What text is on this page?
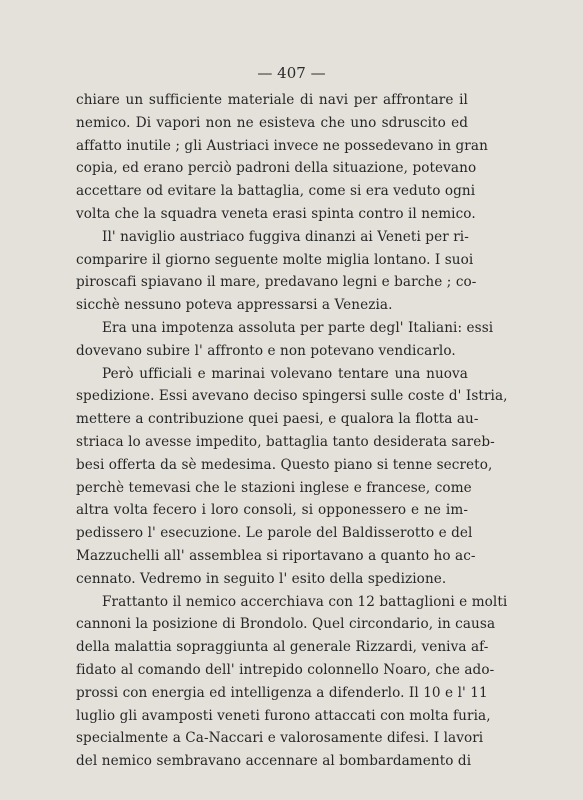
— 407 —
chiare un sufficiente materiale di navi per affrontare il
nemico. Di vapori non ne esisteva che uno sdruscito ed
affatto inutile ; gli Austriaci invece ne possedevano in gran
copia, ed erano perciò padroni della situazione, potevano
accettare od evitare la battaglia, come si era veduto ogni
volta che la squadra veneta erasi spinta contro il nemico.
Il' naviglio austriaco fuggiva dinanzi ai Veneti per ri-
comparire il giorno seguente molte miglia lontano. I suoi
piroscafi spiavano il mare, predavano legni e barche ; co-
sicchè nessuno poteva appressarsi a Venezia.
Era una impotenza assoluta per parte degl' Italiani: essi
dovevano subire l' affronto e non potevano vendicarlo.
Però ufficiali e marinai volevano tentare una nuova
spedizione. Essi avevano deciso spingersi sulle coste d' Istria,
mettere a contribuzione quei paesi, e qualora la flotta au-
striaca lo avesse impedito, battaglia tanto desiderata sareb-
besi offerta da sè medesima. Questo piano si tenne secreto,
perchè temevasi che le stazioni inglese e francese, come
altra volta fecero i loro consoli, si opponessero e ne im-
pedissero l' esecuzione. Le parole del Baldisserotto e del
Mazzuchelli all' assemblea si riportavano a quanto ho ac-
cennato. Vedremo in seguito l' esito della spedizione.
Frattanto il nemico accerchiava con 12 battaglioni e molti
cannoni la posizione di Brondolo. Quel circondario, in causa
della malattia sopraggiunta al generale Rizzardi, veniva af-
fidato al comando dell' intrepido colonnello Noaro, che ado-
prossi con energia ed intelligenza a difenderlo. Il 10 e l' 11
luglio gli avamposti veneti furono attaccati con molta furia,
specialmente a Ca-Naccari e valorosamente difesi. I lavori
del nemico sembravano accennare al bombardamento di
